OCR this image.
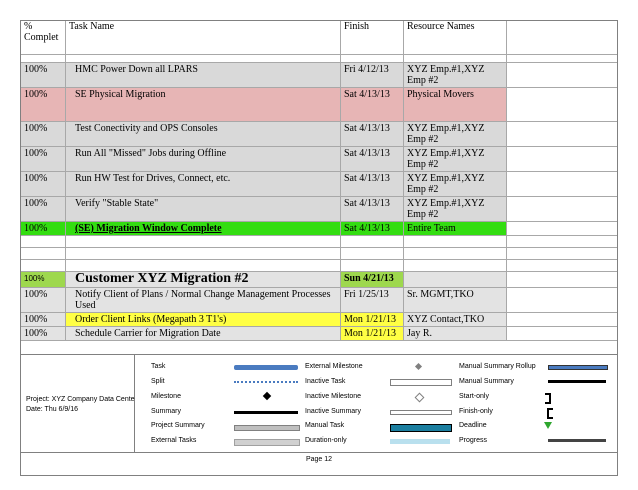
% Complet	Task Name	Finish	Resource Names	

100%	HMC Power Down all LPARS	Fri 4/12/13	XYZ Emp.#1,XYZ Emp #2	
100%	SE Physical Migration	Sat 4/13/13	Physical Movers	
100%	Test Conectivity and OPS Consoles	Sat 4/13/13	XYZ Emp.#1,XYZ Emp #2	
100%	Run All "Missed" Jobs during Offline	Sat 4/13/13	XYZ Emp.#1,XYZ Emp #2	
100%	Run HW Test for Drives, Connect, etc.	Sat 4/13/13	XYZ Emp.#1,XYZ Emp #2	
100%	Verify "Stable State"	Sat 4/13/13	XYZ Emp.#1,XYZ Emp #2	
100%	(SE) Migration Window Complete	Sat 4/13/13	Entire Team	

100%	Customer XYZ Migration #2	Sun 4/21/13		
100%	Notify Client of Plans / Normal Change Management Processes Used	Fri 1/25/13	Sr. MGMT,TKO	
100%	Order Client Links (Megapath 3 T1's)	Mon 1/21/13	XYZ Contact,TKO	
100%	Schedule Carrier for Migration Date	Mon 1/21/13	Jay R.	
Project: XYZ Company Data Cente
Date: Thu 6/9/16
Task
Split
Milestone
Summary
Project Summary
External Tasks
External Milestone
Inactive Task
Inactive Milestone
Inactive Summary
Manual Task
Duration-only
Manual Summary Rollup
Manual Summary
Start-only
Finish-only
Deadline
Progress
Page 12
